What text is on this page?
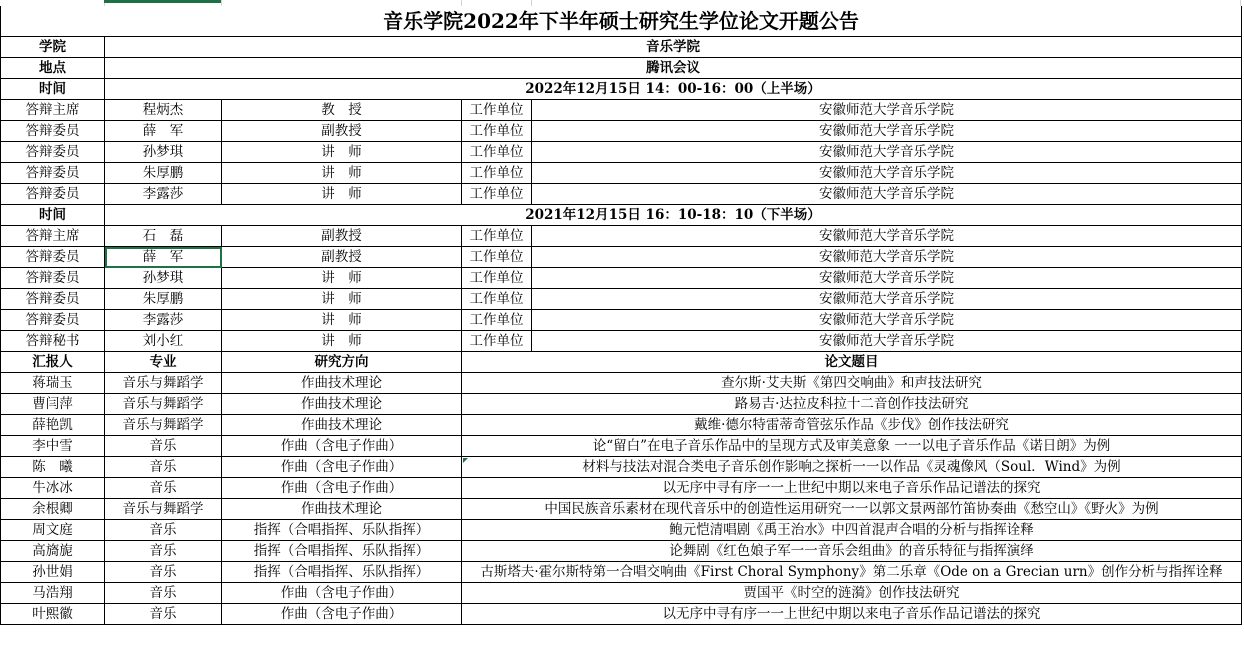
音乐学院2022年下半年硕士研究生学位论文开题公告				
学院	音乐学院			
地点	腾讯会议			
时间	2022年12月15日 14：00-16：00（上半场）			
答辩主席	程炳杰	教　授	工作单位	安徽师范大学音乐学院
答辩委员	薛　军	副教授	工作单位	安徽师范大学音乐学院
答辩委员	孙梦琪	讲　师	工作单位	安徽师范大学音乐学院
答辩委员	朱厚鹏	讲　师	工作单位	安徽师范大学音乐学院
答辩委员	李露莎	讲　师	工作单位	安徽师范大学音乐学院
时间	2021年12月15日 16：10-18：10（下半场）			
答辩主席	石　磊	副教授	工作单位	安徽师范大学音乐学院
答辩委员	薛　军	副教授	工作单位	安徽师范大学音乐学院
答辩委员	孙梦琪	讲　师	工作单位	安徽师范大学音乐学院
答辩委员	朱厚鹏	讲　师	工作单位	安徽师范大学音乐学院
答辩委员	李露莎	讲　师	工作单位	安徽师范大学音乐学院
答辩秘书	刘小红	讲　师	工作单位	安徽师范大学音乐学院
汇报人	专业	研究方向	论文题目	
蒋瑞玉	音乐与舞蹈学	作曲技术理论	查尔斯·艾夫斯《第四交响曲》和声技法研究	
曹闫萍	音乐与舞蹈学	作曲技术理论	路易吉·达拉皮科拉十二音创作技法研究	
薛艳凯	音乐与舞蹈学	作曲技术理论	戴维·德尔特雷蒂奇管弦乐作品《步伐》创作技法研究	
李中雪	音乐	作曲（含电子作曲）	论“留白”在电子音乐作品中的呈现方式及审美意象 一一以电子音乐作品《诺日朗》为例	
陈　曦	音乐	作曲（含电子作曲）	材料与技法对混合类电子音乐创作影响之探析一一以作品《灵魂像风（Soul．Wind》为例	
牛冰冰	音乐	作曲（含电子作曲）	以无序中寻有序一一上世纪中期以来电子音乐作品记谱法的探究	
余根卿	音乐与舞蹈学	作曲技术理论	中国民族音乐素材在现代音乐中的创造性运用研究一一以郭文景两部竹笛协奏曲《愁空山》《野火》为例	
周文庭	音乐	指挥（合唱指挥、乐队指挥）	鲍元恺清唱剧《禹王治水》中四首混声合唱的分析与指挥诠释	
高旖旎	音乐	指挥（合唱指挥、乐队指挥）	论舞剧《红色娘子军一一音乐会组曲》的音乐特征与指挥演绎	
孙世娟	音乐	指挥（合唱指挥、乐队指挥）	古斯塔夫·霍尔斯特第一合唱交响曲《First Choral Symphony》第二乐章《Ode on a Grecian urn》创作分析与指挥诠释	
马浩翔	音乐	作曲（含电子作曲）	贾国平《时空的涟漪》创作技法研究	
叶熙徽	音乐	作曲（含电子作曲）	以无序中寻有序一一上世纪中期以来电子音乐作品记谱法的探究	
